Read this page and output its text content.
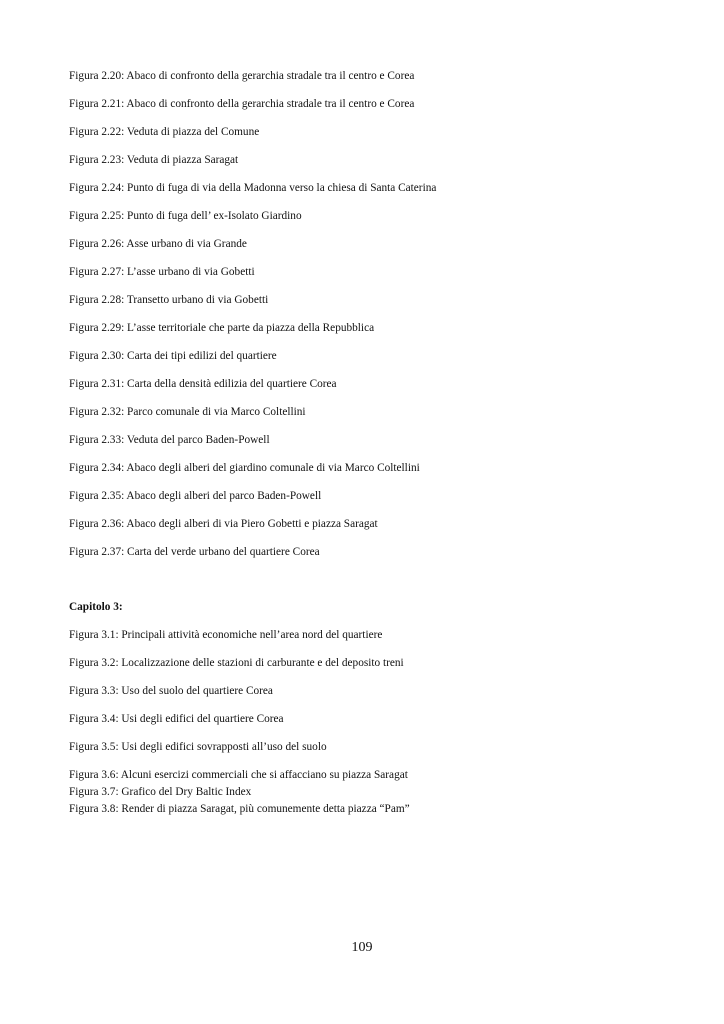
Figura 2.20: Abaco di confronto della gerarchia stradale tra il centro e Corea
Figura 2.21: Abaco di confronto della gerarchia stradale tra il centro e Corea
Figura 2.22: Veduta di piazza del Comune
Figura 2.23: Veduta di piazza Saragat
Figura 2.24: Punto di fuga di via della Madonna verso la chiesa di Santa Caterina
Figura 2.25: Punto di fuga dell’ ex-Isolato Giardino
Figura 2.26: Asse urbano di via Grande
Figura 2.27: L’asse urbano di via Gobetti
Figura 2.28: Transetto urbano di via Gobetti
Figura 2.29: L’asse territoriale che parte da piazza della Repubblica
Figura 2.30: Carta dei tipi edilizi del quartiere
Figura 2.31: Carta della densità edilizia del quartiere Corea
Figura 2.32: Parco comunale di via Marco Coltellini
Figura 2.33: Veduta del parco Baden-Powell
Figura 2.34: Abaco degli alberi del giardino comunale di via Marco Coltellini
Figura 2.35: Abaco degli alberi del parco Baden-Powell
Figura 2.36: Abaco degli alberi di via Piero Gobetti e piazza Saragat
Figura 2.37: Carta del verde urbano del quartiere Corea
Capitolo 3:
Figura 3.1: Principali attività economiche nell’area nord del quartiere
Figura 3.2: Localizzazione delle stazioni di carburante e del deposito treni
Figura 3.3: Uso del suolo del quartiere Corea
Figura 3.4: Usi degli edifici del quartiere Corea
Figura 3.5: Usi degli edifici sovrapposti all’uso del suolo
Figura 3.6: Alcuni esercizi commerciali che si affacciano su piazza Saragat
Figura 3.7: Grafico del Dry Baltic Index
Figura 3.8: Render di piazza Saragat, più comunemente detta piazza “Pam”
109
